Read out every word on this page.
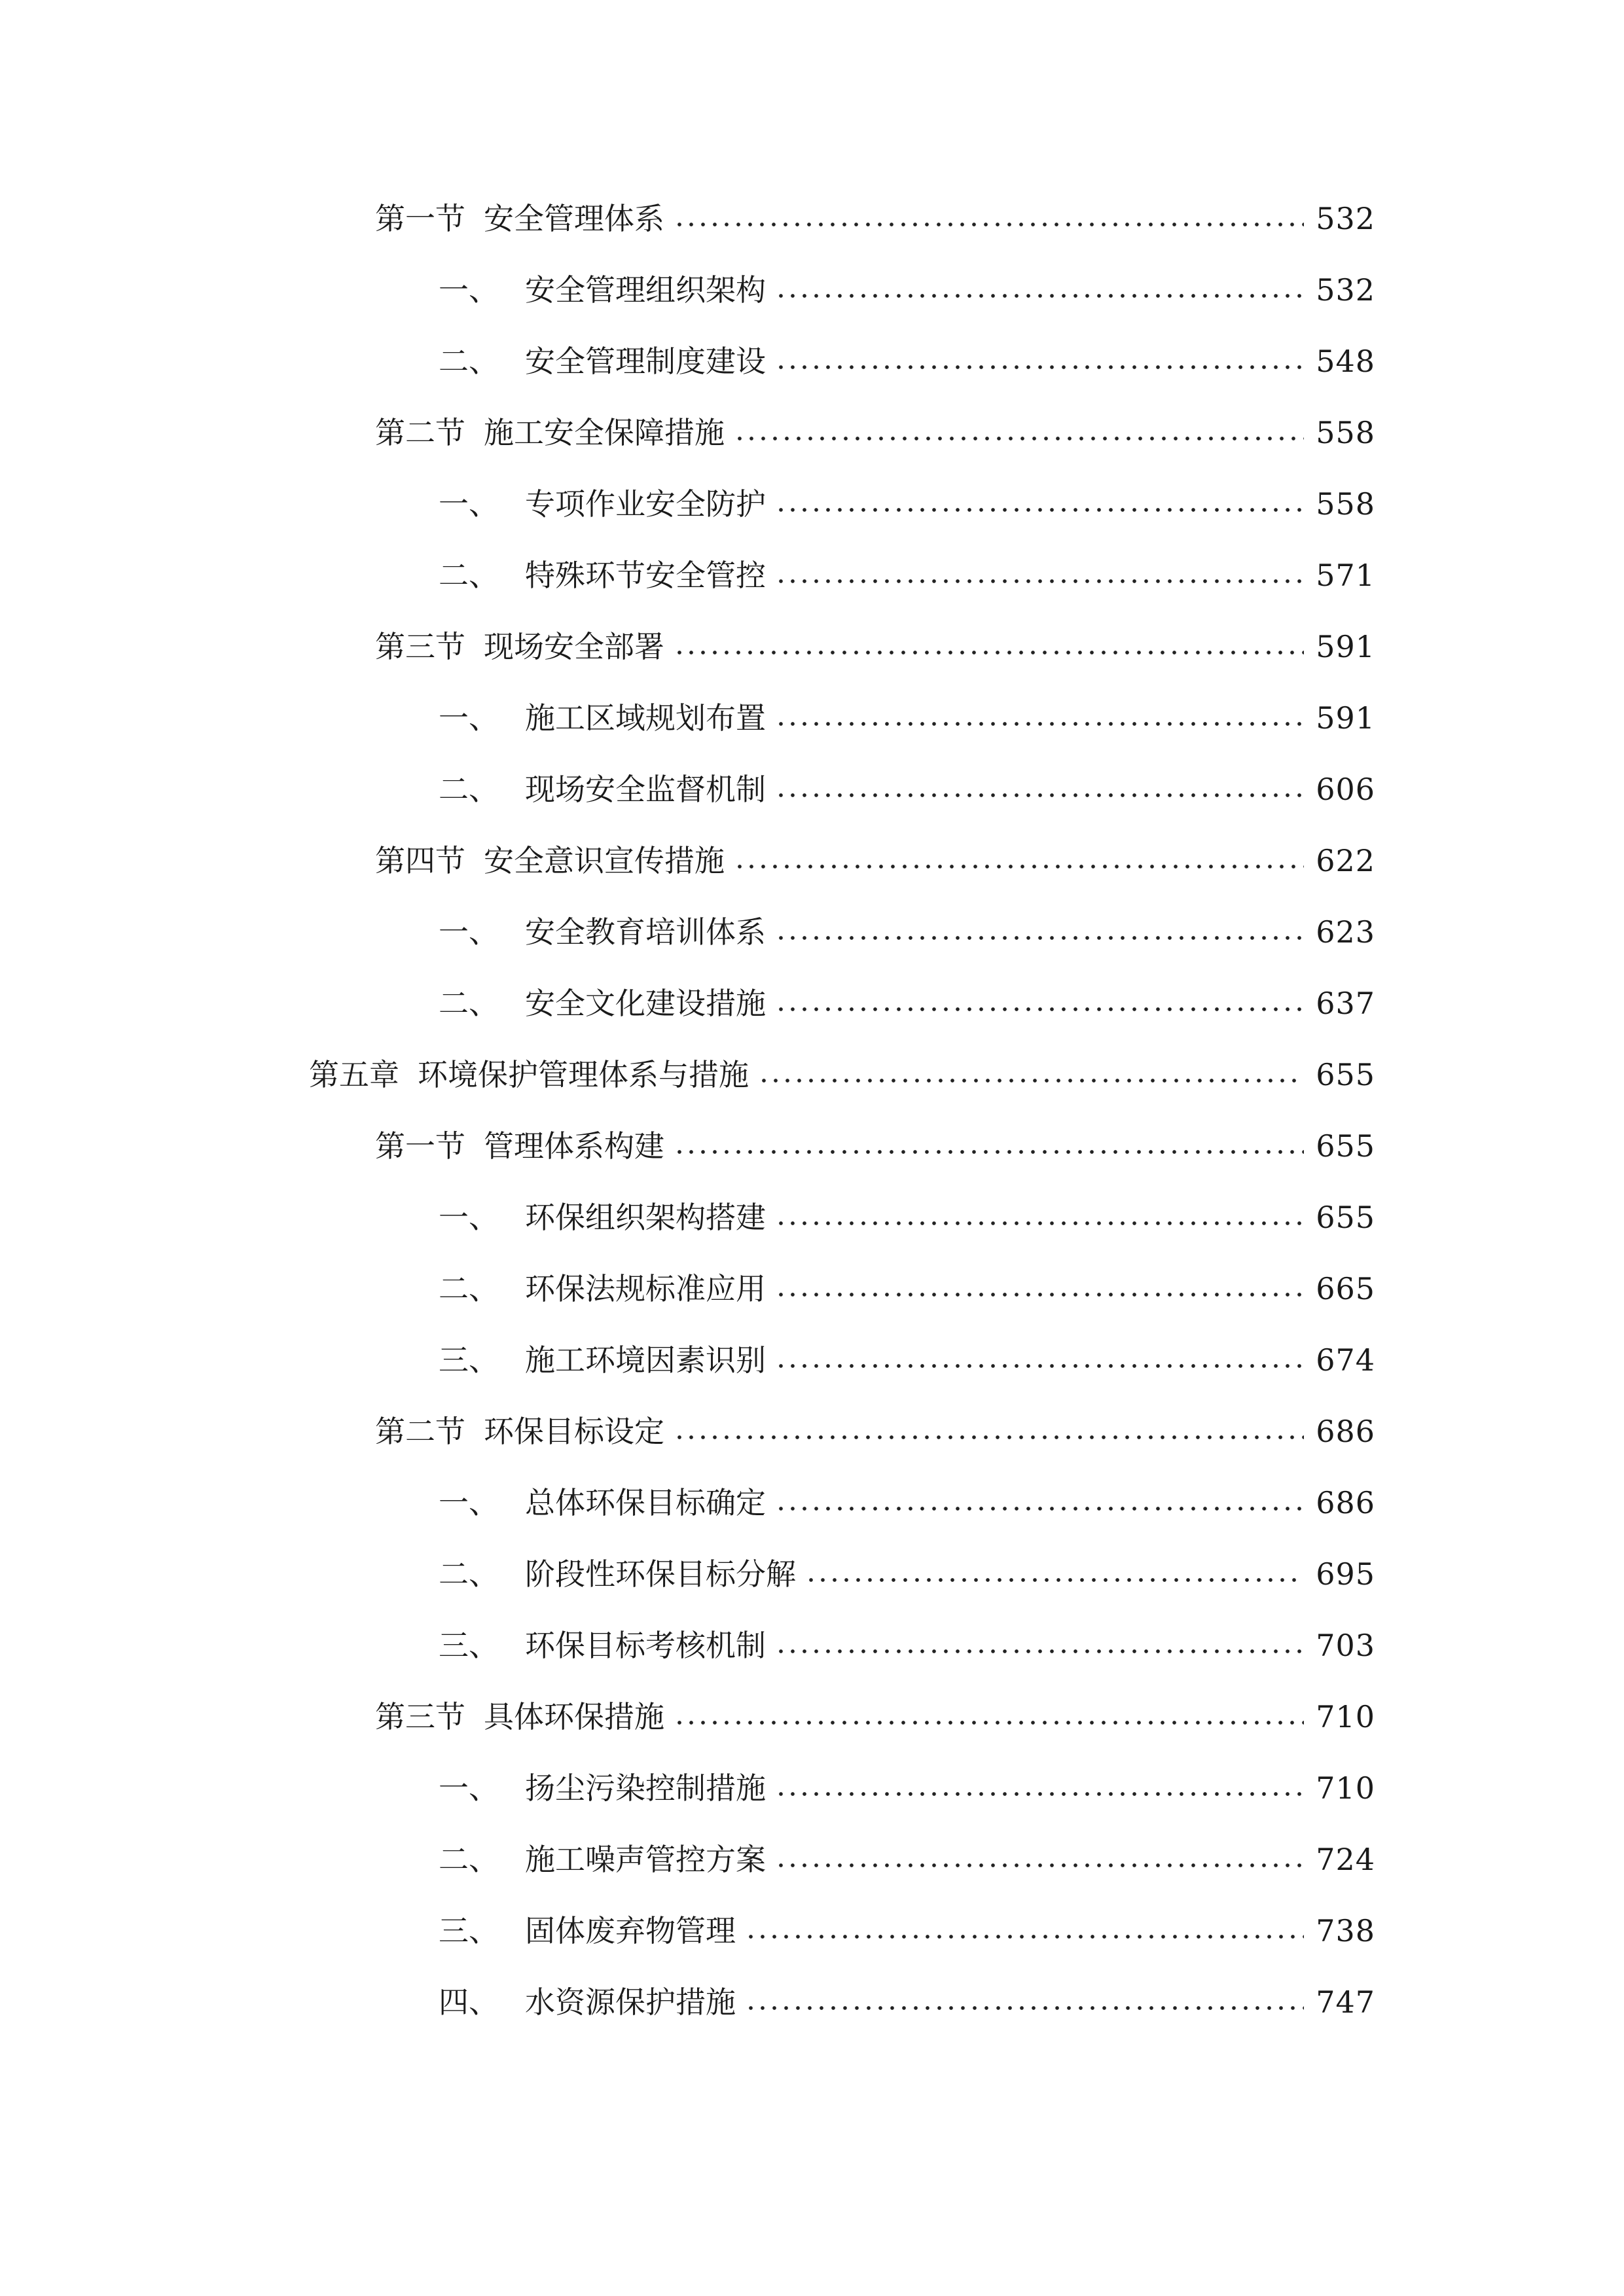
第一节 安全管理体系	532
一、 安全管理组织架构	532
二、 安全管理制度建设	548
第二节 施工安全保障措施	558
一、 专项作业安全防护	558
二、 特殊环节安全管控	571
第三节 现场安全部署	591
一、 施工区域规划布置	591
二、 现场安全监督机制	606
第四节 安全意识宣传措施	622
一、 安全教育培训体系	623
二、 安全文化建设措施	637
第五章 环境保护管理体系与措施	655
第一节 管理体系构建	655
一、 环保组织架构搭建	655
二、 环保法规标准应用	665
三、 施工环境因素识别	674
第二节 环保目标设定	686
一、 总体环保目标确定	686
二、 阶段性环保目标分解	695
三、 环保目标考核机制	703
第三节 具体环保措施	710
一、 扬尘污染控制措施	710
二、 施工噪声管控方案	724
三、 固体废弃物管理	738
四、 水资源保护措施	747
